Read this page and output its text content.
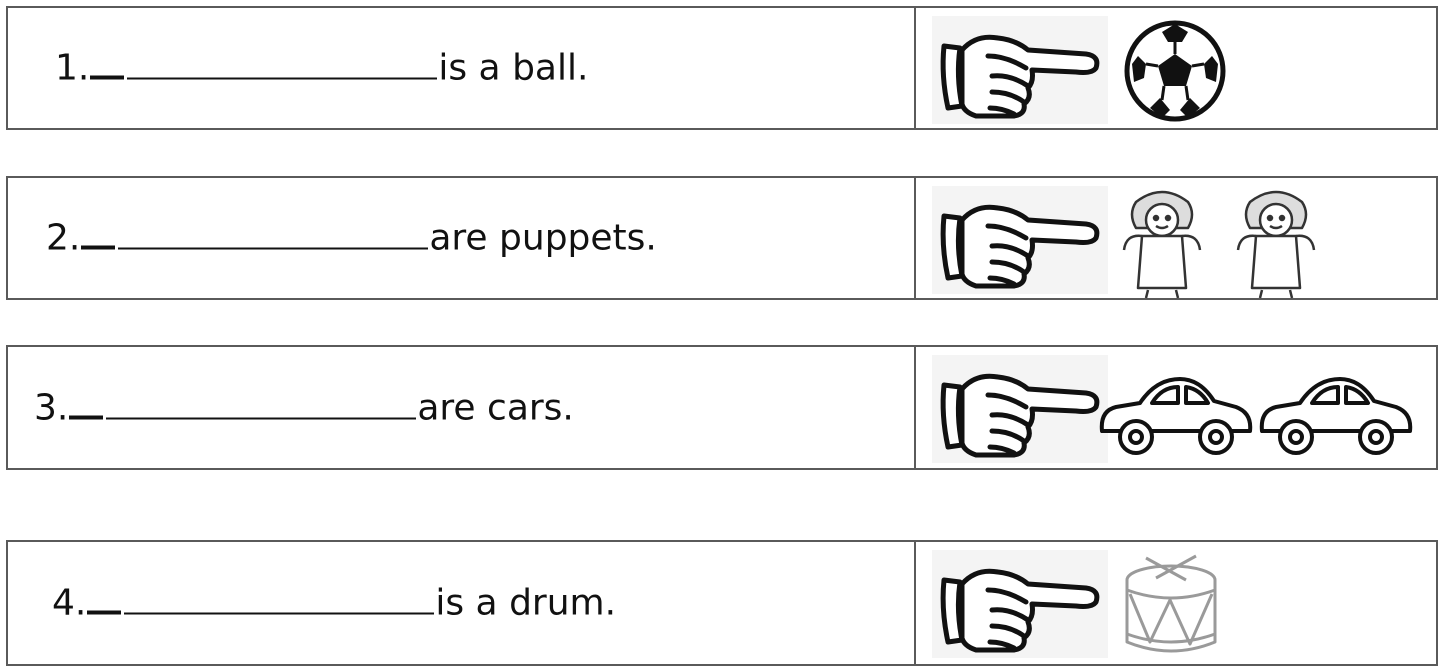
1.	is a ball.
2.	are puppets.
3.	are cars.
4.	is a drum.
